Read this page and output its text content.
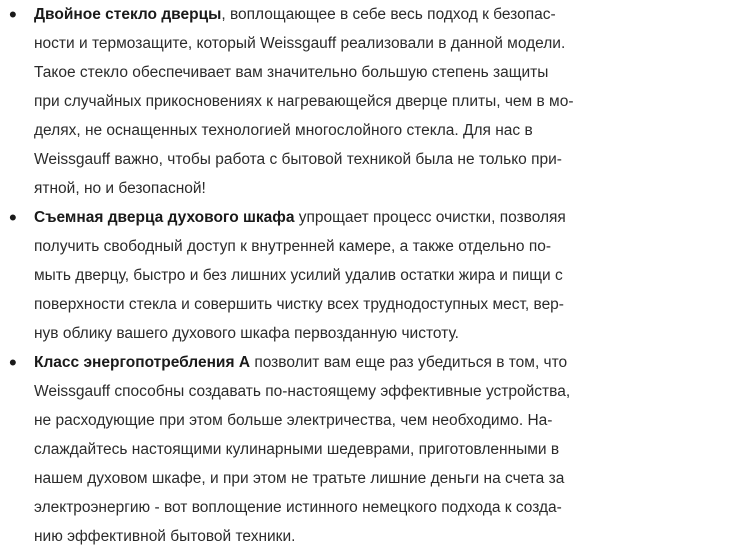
• Двойное стекло дверцы, воплощающее в себе весь подход к безопас-
ности и термозащите, который Weissgauff реализовали в данной модели.
Такое стекло обеспечивает вам значительно большую степень защиты
при случайных прикосновениях к нагревающейся дверце плиты, чем в мо-
делях, не оснащенных технологией многослойного стекла. Для нас в
Weissgauff важно, чтобы работа с бытовой техникой была не только при-
ятной, но и безопасной!
• Съемная дверца духового шкафа упрощает процесс очистки, позволяя
получить свободный доступ к внутренней камере, а также отдельно по-
мыть дверцу, быстро и без лишних усилий удалив остатки жира и пищи с
поверхности стекла и совершить чистку всех труднодоступных мест, вер-
нув облику вашего духового шкафа первозданную чистоту.
• Класс энергопотребления А позволит вам еще раз убедиться в том, что
Weissgauff способны создавать по-настоящему эффективные устройства,
не расходующие при этом больше электричества, чем необходимо. На-
слаждайтесь настоящими кулинарными шедеврами, приготовленными в
нашем духовом шкафе, и при этом не тратьте лишние деньги на счета за
электроэнергию - вот воплощение истинного немецкого подхода к созда-
нию эффективной бытовой техники.
